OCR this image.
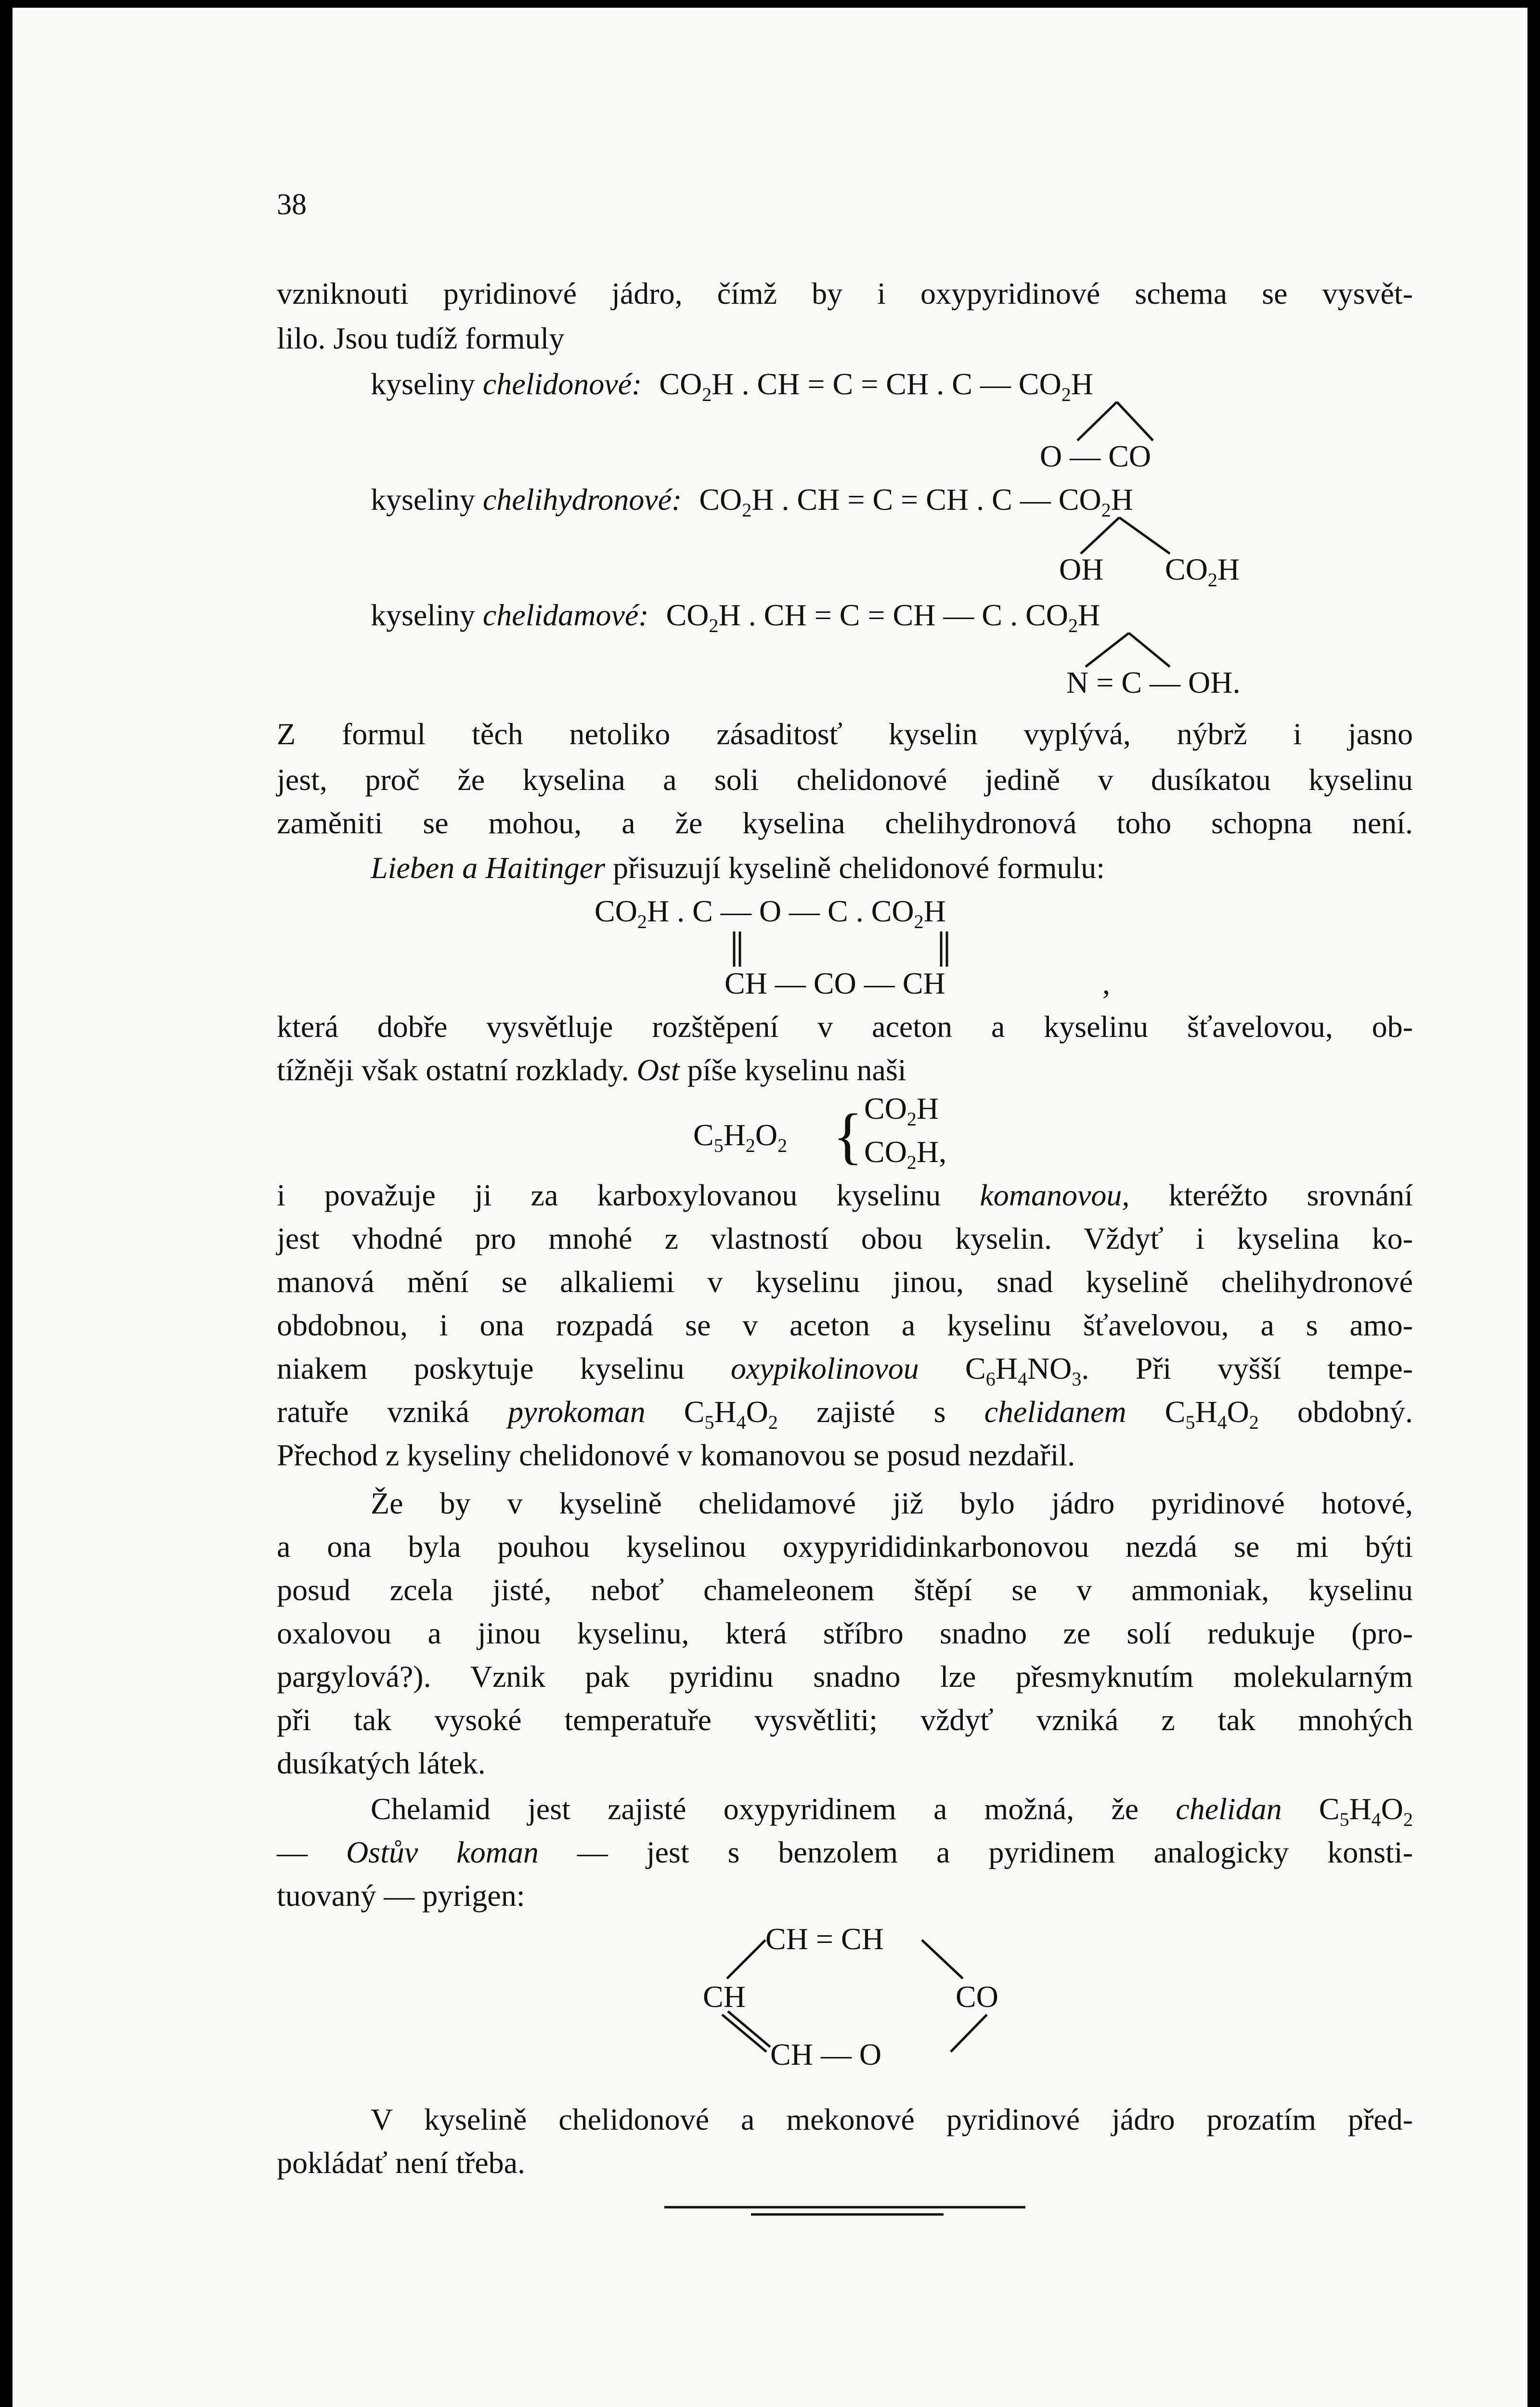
38
vzniknouti pyridinové jádro, čímž by i oxypyridinové schema se vysvět-
lilo. Jsou tudíž formuly
kyseliny chelidonové: $CO_2H$ . CH = C = CH . C — $CO_2H$
O — CO
kyseliny chelihydronové: $CO_2H$ . CH = C = CH . C — $CO_2H$
OH $CO_2H$
kyseliny chelidamové: $CO_2H$ . CH = C = CH — C . $CO_2H$
N = C — OH.
Z formul těch netoliko zásaditosť kyselin vyplývá, nýbrž i jasno
jest, proč že kyselina a soli chelidonové jedině v dusíkatou kyselinu
zaměniti se mohou, a že kyselina chelihydronová toho schopna není.
Lieben a Haitinger přisuzují kyselině chelidonové formulu:
$CO_2H$ . C — O — C . $CO_2H$
CH — CO — CH	,
která dobře vysvětluje rozštěpení v aceton a kyselinu šťavelovou, ob-
tížněji však ostatní rozklady. Ost píše kyselinu naši
$C_5H_2O_2$ { $CO_2H$
$CO_2H$,
i považuje ji za karboxylovanou kyselinu komanovou, kteréžto srovnání
jest vhodné pro mnohé z vlastností obou kyselin. Vždyť i kyselina ko-
manová mění se alkaliemi v kyselinu jinou, snad kyselině chelihydronové
obdobnou, i ona rozpadá se v aceton a kyselinu šťavelovou, a s amo-
niakem poskytuje kyselinu oxypikolinovou $C_6H_4NO_3$. Při vyšší tempe-
ratuře vzniká pyrokoman $C_5H_4O_2$ zajisté s chelidanem $C_5H_4O_2$ obdobný.
Přechod z kyseliny chelidonové v komanovou se posud nezdařil.
Že by v kyselině chelidamové již bylo jádro pyridinové hotové,
a ona byla pouhou kyselinou oxypyrididinkarbonovou nezdá se mi býti
posud zcela jisté, neboť chameleonem štěpí se v ammoniak, kyselinu
oxalovou a jinou kyselinu, která stříbro snadno ze solí redukuje (pro-
pargylová?). Vznik pak pyridinu snadno lze přesmyknutím molekularným
při tak vysoké temperatuře vysvětliti; vždyť vzniká z tak mnohých
dusíkatých látek.
Chelamid jest zajisté oxypyridinem a možná, že chelidan $C_5H_4O_2$
— Ostův koman — jest s benzolem a pyridinem analogicky konsti-
tuovaný — pyrigen:
CH = CH
CH	CO
CH — O
V kyselině chelidonové a mekonové pyridinové jádro prozatím před-
pokládať není třeba.
